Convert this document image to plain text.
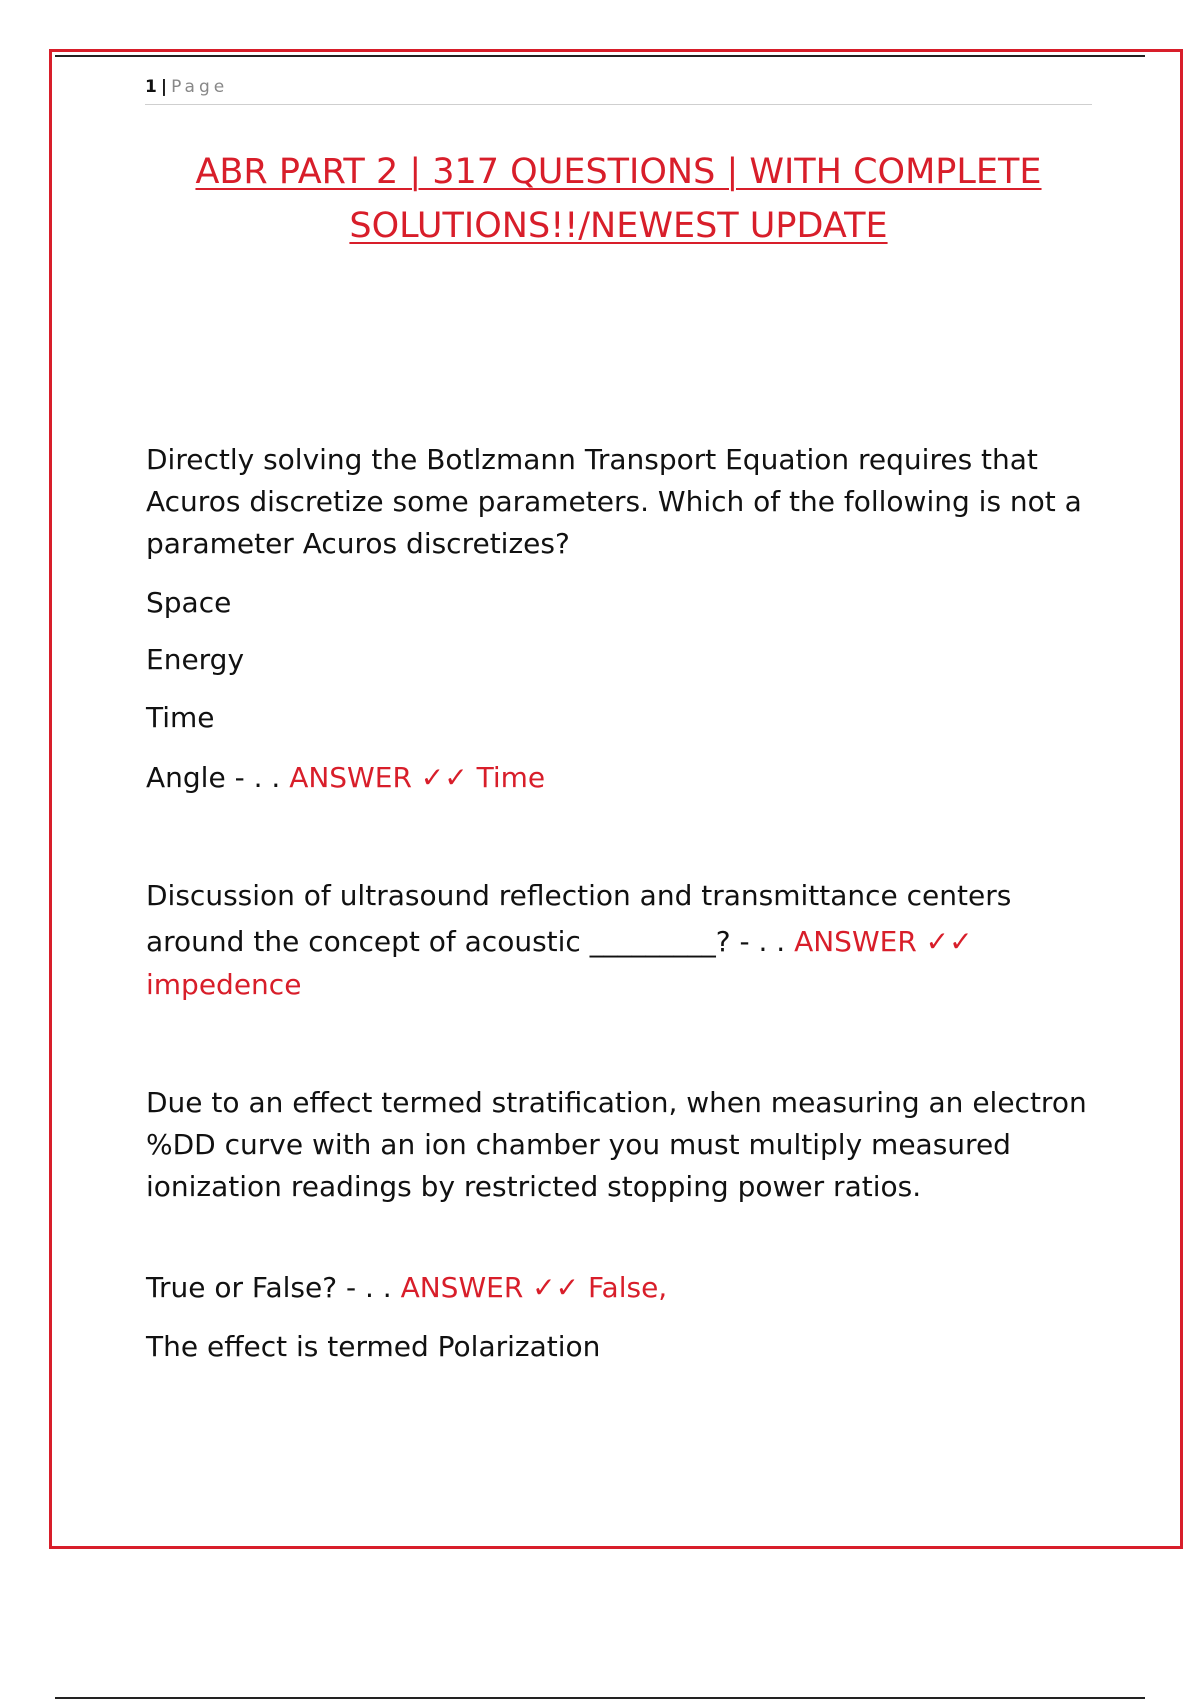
1 | Page
ABR PART 2 | 317 QUESTIONS | WITH COMPLETE
SOLUTIONS!!/NEWEST UPDATE
Directly solving the Botlzmann Transport Equation requires that Acuros discretize some parameters. Which of the following is not a parameter Acuros discretizes?
Space
Energy
Time
Angle - . . ANSWER ✓✓ Time
Discussion of ultrasound reflection and transmittance centers
around the concept of acoustic _________? - . . ANSWER ✓✓
impedence
Due to an effect termed stratification, when measuring an electron %DD curve with an ion chamber you must multiply measured ionization readings by restricted stopping power ratios.
True or False? - . . ANSWER ✓✓ False,
The effect is termed Polarization
